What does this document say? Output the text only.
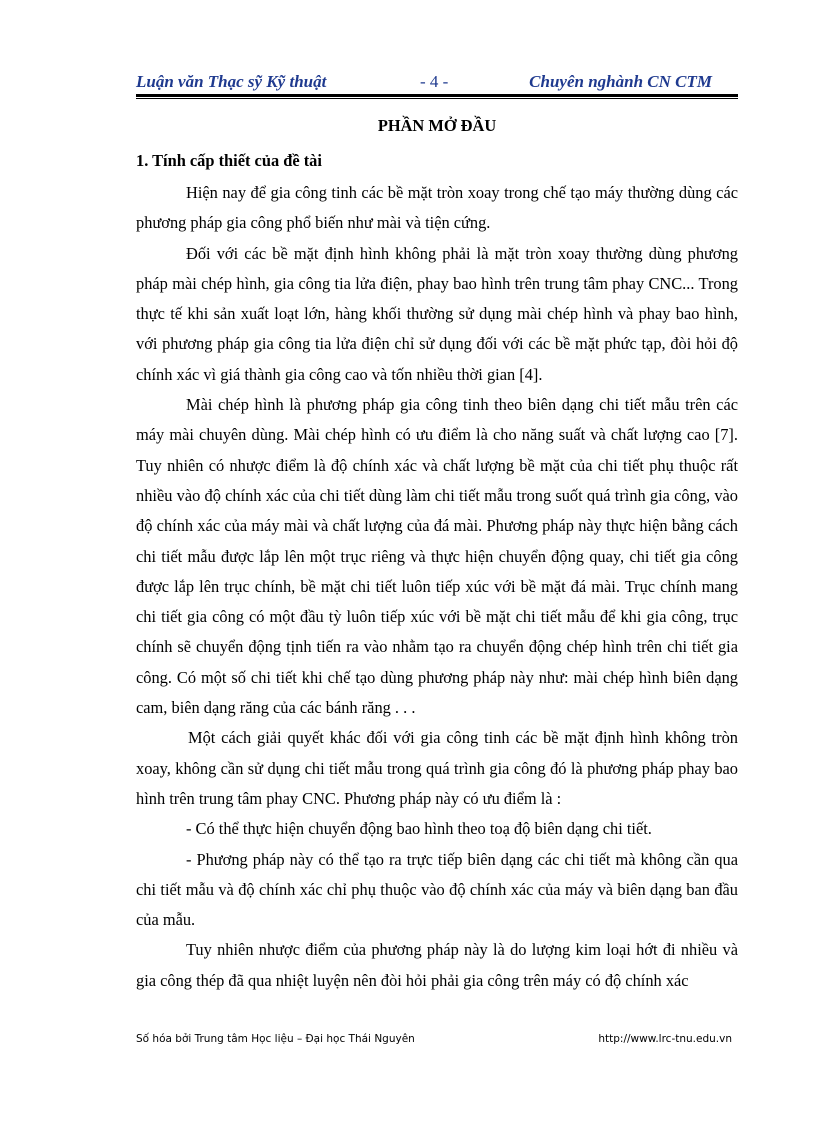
Luận văn Thạc sỹ Kỹ thuật	- 4 -	Chuyên nghành CN CTM

PHẦN MỞ ĐẦU

1. Tính cấp thiết của đề tài

Hiện nay để gia công tinh các bề mặt tròn xoay trong chế tạo máy thường dùng các phương pháp gia công phổ biến như mài và tiện cứng.

Đối với các bề mặt định hình không phải là mặt tròn xoay thường dùng phương pháp mài chép hình, gia công tia lửa điện, phay bao hình trên trung tâm phay CNC... Trong thực tế khi sản xuất loạt lớn, hàng khối thường sử dụng mài chép hình và phay bao hình, với phương pháp gia công tia lửa điện chỉ sử dụng đối với các bề mặt phức tạp, đòi hỏi độ chính xác vì giá thành gia công cao và tốn nhiều thời gian [4].

Mài chép hình là phương pháp gia công tinh theo biên dạng chi tiết mẫu trên các máy mài chuyên dùng. Mài chép hình có ưu điểm là cho năng suất và chất lượng cao [7]. Tuy nhiên có nhược điểm là độ chính xác và chất lượng bề mặt của chi tiết phụ thuộc rất nhiều vào độ chính xác của chi tiết dùng làm chi tiết mẫu trong suốt quá trình gia công, vào độ chính xác của máy mài và chất lượng của đá mài. Phương pháp này thực hiện bằng cách chi tiết mẫu được lắp lên một trục riêng và thực hiện chuyển động quay, chi tiết gia công được lắp lên trục chính, bề mặt chi tiết luôn tiếp xúc với bề mặt đá mài. Trục chính mang chi tiết gia công có một đầu tỳ luôn tiếp xúc với bề mặt chi tiết mẫu để khi gia công, trục chính sẽ chuyển động tịnh tiến ra vào nhằm tạo ra chuyển động chép hình trên chi tiết gia công. Có một số chi tiết khi chế tạo dùng phương pháp này như: mài chép hình biên dạng cam, biên dạng răng của các bánh răng . . .

Một cách giải quyết khác đối với gia công tinh các bề mặt định hình không tròn xoay, không cần sử dụng chi tiết mẫu trong quá trình gia công đó là phương pháp phay bao hình trên trung tâm phay CNC. Phương pháp này có ưu điểm là :

- Có thể thực hiện chuyển động bao hình theo toạ độ biên dạng chi tiết.

- Phương pháp này có thể tạo ra trực tiếp biên dạng các chi tiết mà không cần qua chi tiết mẫu và độ chính xác chỉ phụ thuộc vào độ chính xác của máy và biên dạng ban đầu của mẫu.

Tuy nhiên nhược điểm của phương pháp này là do lượng kim loại hớt đi nhiều và gia công thép đã qua nhiệt luyện nên đòi hỏi phải gia công trên máy có độ chính xác

Số hóa bởi Trung tâm Học liệu – Đại học Thái Nguyên	http://www.lrc-tnu.edu.vn
